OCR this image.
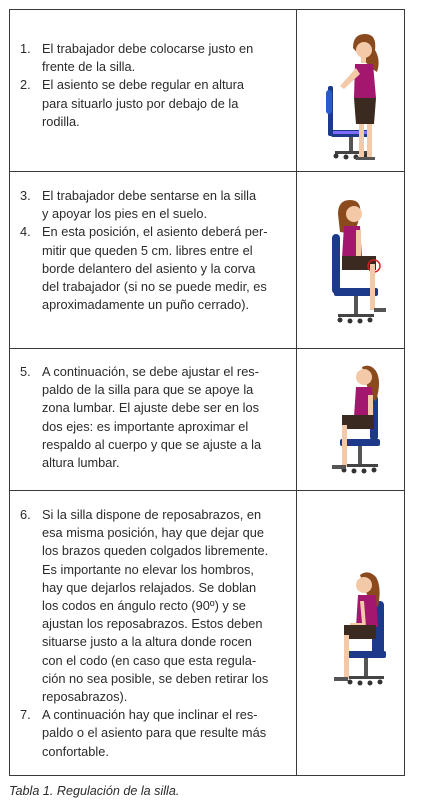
1. El trabajador debe colocarse justo en
frente de la silla.
2. El asiento se debe regular en altura
para situarlo justo por debajo de la
rodilla.
3. El trabajador debe sentarse en la silla
y apoyar los pies en el suelo.
4. En esta posición, el asiento deberá per-
mitir que queden 5 cm. libres entre el
borde delantero del asiento y la corva
del trabajador (si no se puede medir, es
aproximadamente un puño cerrado).
5. A continuación, se debe ajustar el res-
paldo de la silla para que se apoye la
zona lumbar. El ajuste debe ser en los
dos ejes: es importante aproximar el
respaldo al cuerpo y que se ajuste a la
altura lumbar.
6. Si la silla dispone de reposabrazos, en
esa misma posición, hay que dejar que
los brazos queden colgados libremente.
Es importante no elevar los hombros,
hay que dejarlos relajados. Se doblan
los codos en ángulo recto (90º) y se
ajustan los reposabrazos. Estos deben
situarse justo a la altura donde rocen
con el codo (en caso que esta regula-
ción no sea posible, se deben retirar los
reposabrazos).
7. A continuación hay que inclinar el res-
paldo o el asiento para que resulte más
confortable.
Tabla 1. Regulación de la silla.
